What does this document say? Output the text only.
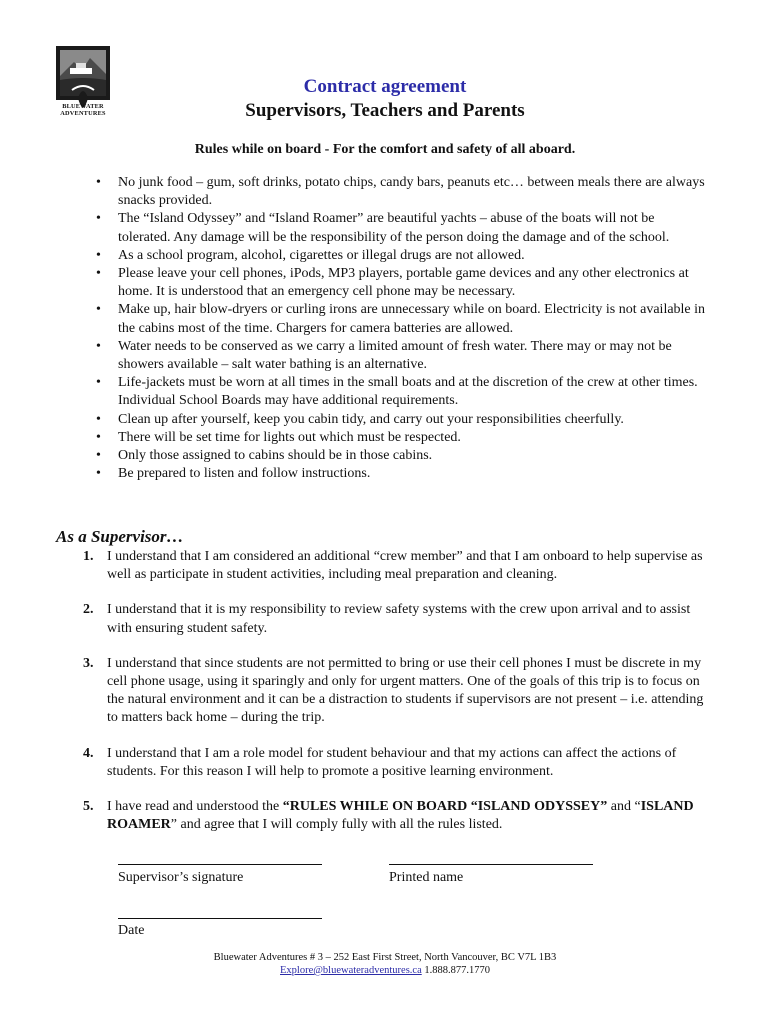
BLUEWATER
ADVENTURES
Contract agreement
Supervisors, Teachers and Parents
Rules while on board - For the comfort and safety of all aboard.
• No junk food – gum, soft drinks, potato chips, candy bars, peanuts etc… between meals there are always snacks provided.
• The “Island Odyssey” and “Island Roamer” are beautiful yachts – abuse of the boats will not be tolerated. Any damage will be the responsibility of the person doing the damage and of the school.
• As a school program, alcohol, cigarettes or illegal drugs are not allowed.
• Please leave your cell phones, iPods, MP3 players, portable game devices and any other electronics at home. It is understood that an emergency cell phone may be necessary.
• Make up, hair blow-dryers or curling irons are unnecessary while on board. Electricity is not available in the cabins most of the time. Chargers for camera batteries are allowed.
• Water needs to be conserved as we carry a limited amount of fresh water. There may or may not be showers available – salt water bathing is an alternative.
• Life-jackets must be worn at all times in the small boats and at the discretion of the crew at other times. Individual School Boards may have additional requirements.
• Clean up after yourself, keep you cabin tidy, and carry out your responsibilities cheerfully.
• There will be set time for lights out which must be respected.
• Only those assigned to cabins should be in those cabins.
• Be prepared to listen and follow instructions.
As a Supervisor…
1. I understand that I am considered an additional “crew member” and that I am onboard to help supervise as well as participate in student activities, including meal preparation and cleaning.
2. I understand that it is my responsibility to review safety systems with the crew upon arrival and to assist with ensuring student safety.
3. I understand that since students are not permitted to bring or use their cell phones I must be discrete in my cell phone usage, using it sparingly and only for urgent matters. One of the goals of this trip is to focus on the natural environment and it can be a distraction to students if supervisors are not present – i.e. attending to matters back home – during the trip.
4. I understand that I am a role model for student behaviour and that my actions can affect the actions of students. For this reason I will help to promote a positive learning environment.
5. I have read and understood the “RULES WHILE ON BOARD “ISLAND ODYSSEY” and “ISLAND ROAMER” and agree that I will comply fully with all the rules listed.
Supervisor’s signature	Printed name
Date
Bluewater Adventures # 3 – 252 East First Street, North Vancouver, BC V7L 1B3
Explore@bluewateradventures.ca 1.888.877.1770
